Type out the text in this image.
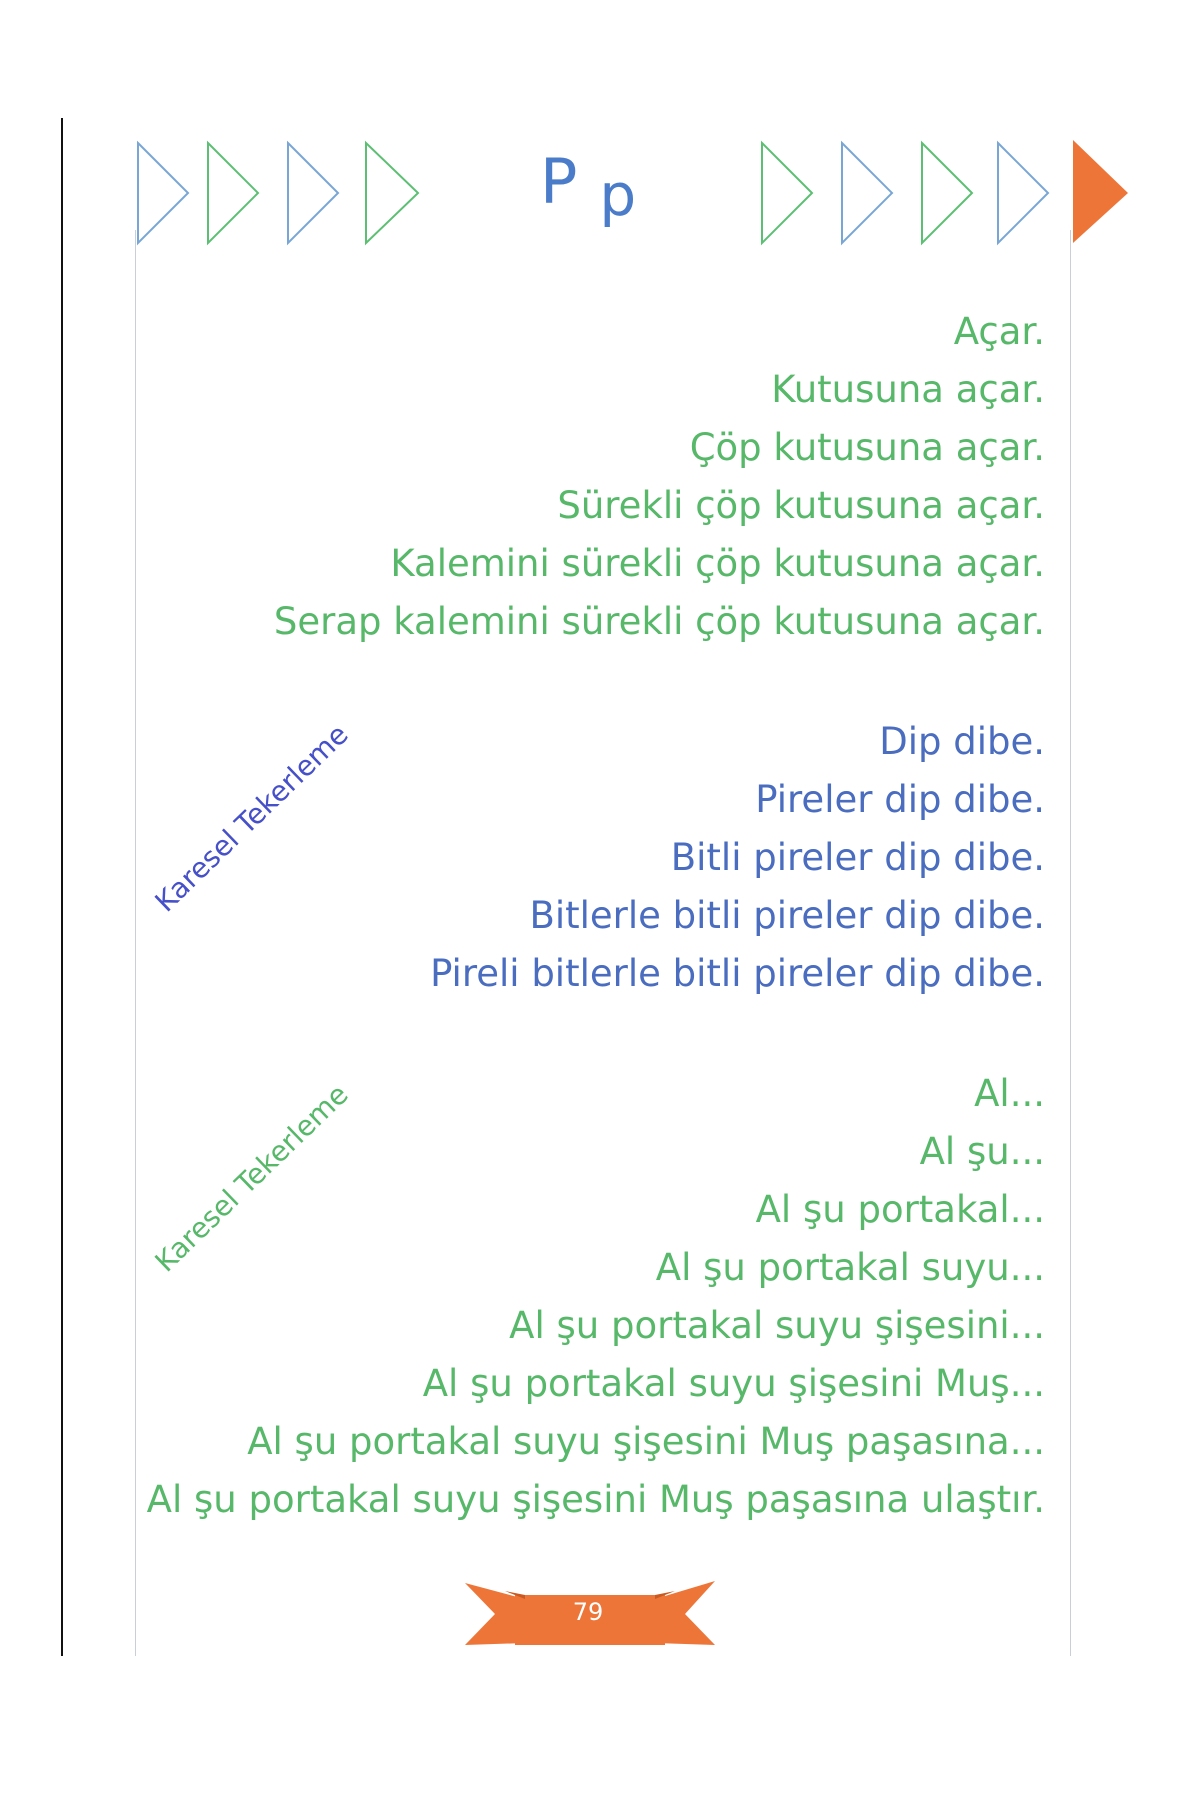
P p
Açar.
Kutusuna açar.
Çöp kutusuna açar.
Sürekli çöp kutusuna açar.
Kalemini sürekli çöp kutusuna açar.
Serap kalemini sürekli çöp kutusuna açar.
Karesel Tekerleme	Dip dibe.
Pireler dip dibe.
Bitli pireler dip dibe.
Bitlerle bitli pireler dip dibe.
Pireli bitlerle bitli pireler dip dibe.
Karesel Tekerleme	Al...
Al şu...
Al şu portakal...
Al şu portakal suyu...
Al şu portakal suyu şişesini...
Al şu portakal suyu şişesini Muş...
Al şu portakal suyu şişesini Muş paşasına...
Al şu portakal suyu şişesini Muş paşasına ulaştır.
79
